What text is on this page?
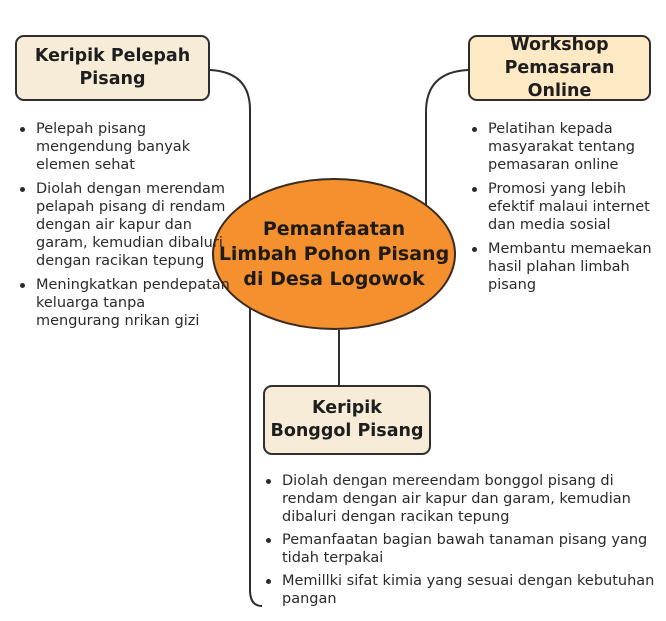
Keripik Pelepah
Pisang
Workshop
Pemasaran Online
Pemanfaatan
Limbah Pohon Pisang
di Desa Logowok
Keripik
Bonggol Pisang
Pelepah pisang mengendung banyak elemen sehat
Diolah dengan merendam pelapah pisang di rendam dengan air kapur dan garam, kemudian dibaluri dengan racikan tepung
Meningkatkan pendepatan keluarga tanpa mengurang nrikan gizi
Pelatihan kepada masyarakat tentang pemasaran online
Promosi yang lebih efektif malaui internet dan media sosial
Membantu memaekan hasil plahan limbah pisang
Diolah dengan mereendam bonggol pisang di rendam dengan air kapur dan garam, kemudian dibaluri dengan racikan tepung
Pemanfaatan bagian bawah tanaman pisang yang tidah terpakai
Memillki sifat kimia yang sesuai dengan kebutuhan pangan
